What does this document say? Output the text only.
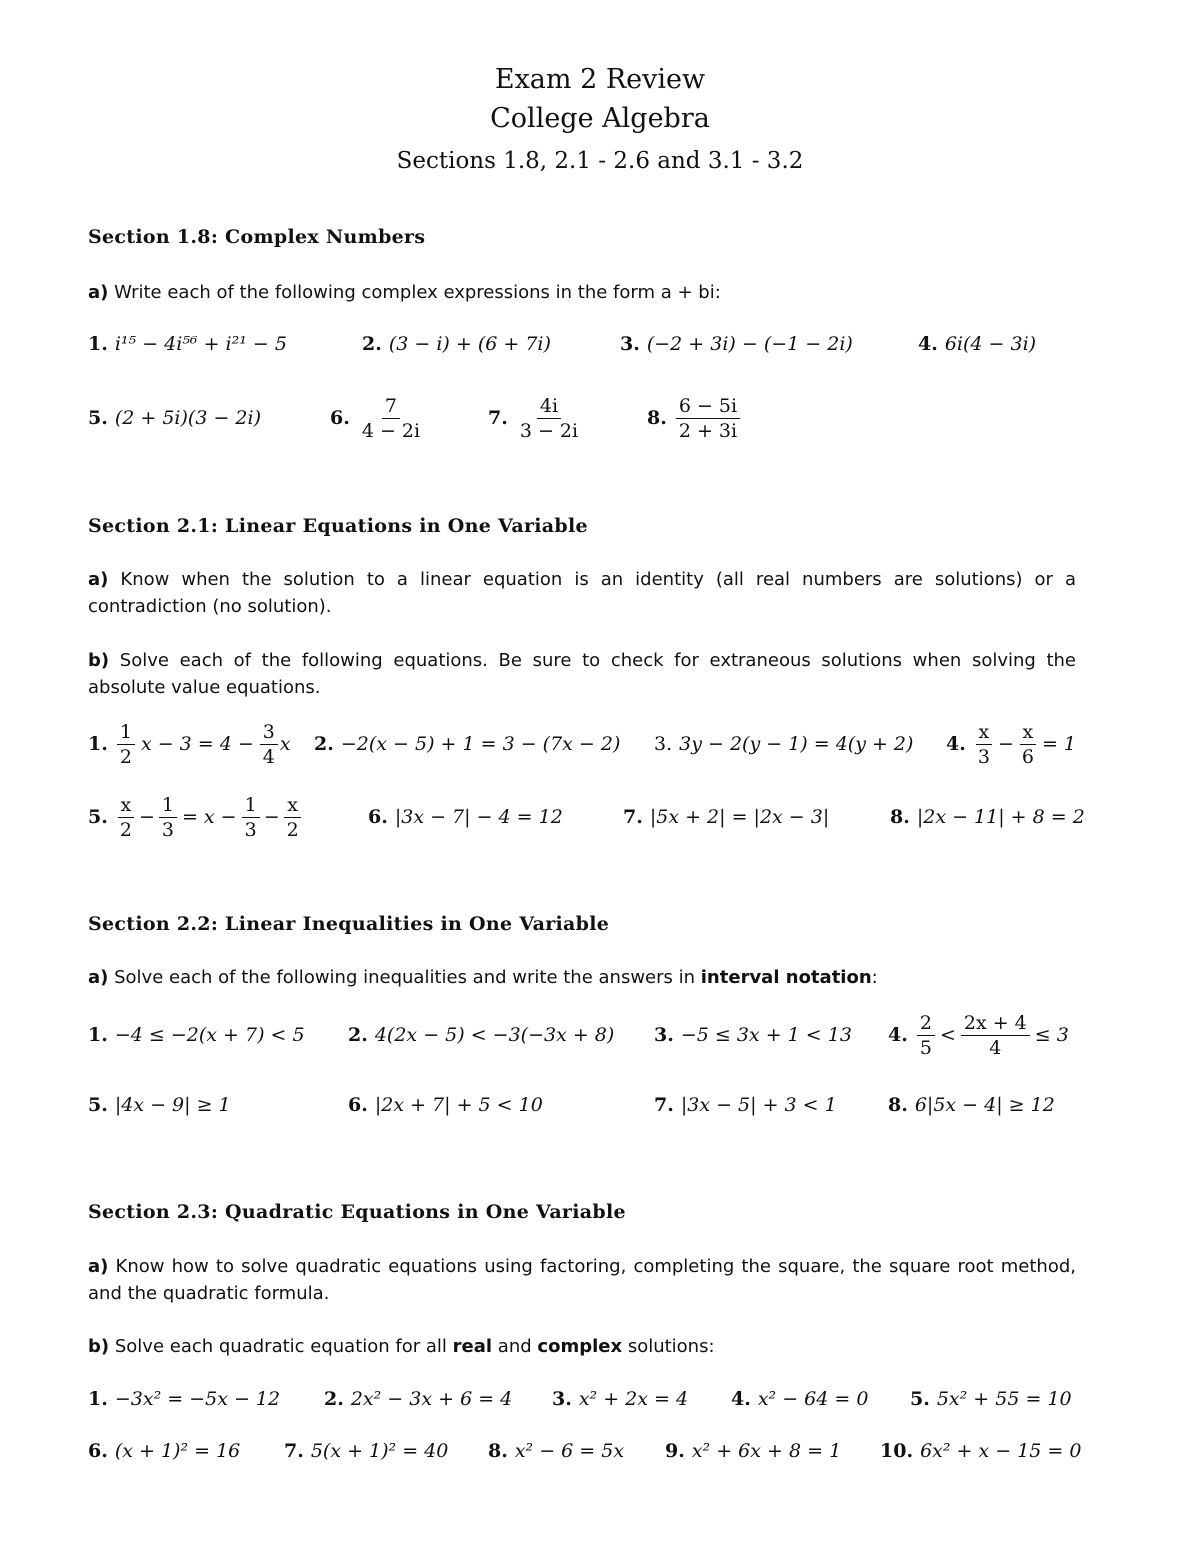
Exam 2 Review
College Algebra
Sections 1.8, 2.1 - 2.6 and 3.1 - 3.2
Section 1.8: Complex Numbers
a) Write each of the following complex expressions in the form a + bi:
1. i¹⁵ − 4i⁵⁶ + i²¹ − 5	2. (3 − i) + (6 + 7i)	3. (−2 + 3i) − (−1 − 2i)	4. 6i(4 − 3i)
5. (2 + 5i)(3 − 2i)	6. $\frac{7}{4 - 2i}$	7. $\frac{4i}{3 - 2i}$	8. $\frac{6 - 5i}{2 + 3i}$
Section 2.1: Linear Equations in One Variable
a) Know when the solution to a linear equation is an identity (all real numbers are solutions) or a contradiction (no solution).
b) Solve each of the following equations. Be sure to check for extraneous solutions when solving the absolute value equations.
1. $\frac{1}{2}$ $x - 3 = 4 - \frac{3}{4}$ x 2. −2(x − 5) + 1 = 3 − (7x − 2) 3. 3y − 2(y − 1) = 4(y + 2) 4. $\frac{x}{3} - \frac{x}{6} = 1$
5. $\frac{x}{2} - \frac{1}{3} = x - \frac{1}{3} - \frac{x}{2}$	6. |3x − 7| − 4 = 12	7. |5x + 2| = |2x − 3|	8. |2x − 11| + 8 = 2
Section 2.2: Linear Inequalities in One Variable
a) Solve each of the following inequalities and write the answers in interval notation:
1. −4 ≤ −2(x + 7) < 5 2. 4(2x − 5) < −3(−3x + 8) 3. −5 ≤ 3x + 1 < 13 4. $\frac{2}{5} < \frac{2x + 4}{4} \le 3$
5. |4x − 9| ≥ 1	6. |2x + 7| + 5 < 10	7. |3x − 5| + 3 < 1	8. 6|5x − 4| ≥ 12
Section 2.3: Quadratic Equations in One Variable
a) Know how to solve quadratic equations using factoring, completing the square, the square root method, and the quadratic formula.
b) Solve each quadratic equation for all real and complex solutions:
1. −3x² = −5x − 12 2. 2x² − 3x + 6 = 4 3. x² + 2x = 4 4. x² − 64 = 0 5. 5x² + 55 = 10
6. (x + 1)² = 16 7. 5(x + 1)² = 40 8. x² − 6 = 5x 9. x² + 6x + 8 = 1 10. 6x² + x − 15 = 0
